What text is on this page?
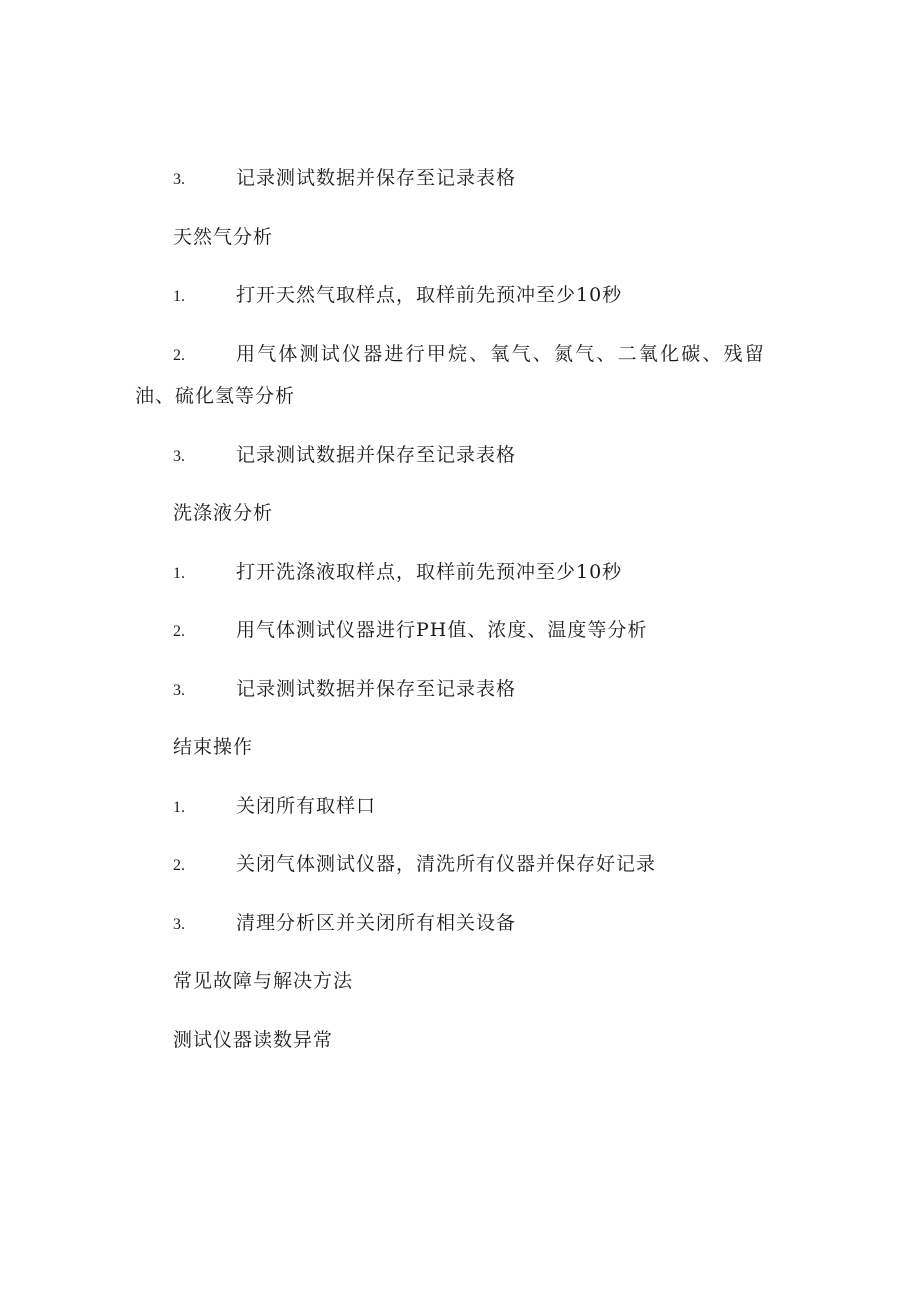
3.	记录测试数据并保存至记录表格
天然气分析
1.	打开天然气取样点，取样前先预冲至少10秒
2.	用气体测试仪器进行甲烷、氧气、氮气、二氧化碳、残留
油、硫化氢等分析
3.	记录测试数据并保存至记录表格
洗涤液分析
1.	打开洗涤液取样点，取样前先预冲至少10秒
2.	用气体测试仪器进行PH值、浓度、温度等分析
3.	记录测试数据并保存至记录表格
结束操作
1.	关闭所有取样口
2.	关闭气体测试仪器，清洗所有仪器并保存好记录
3.	清理分析区并关闭所有相关设备
常见故障与解决方法
测试仪器读数异常
